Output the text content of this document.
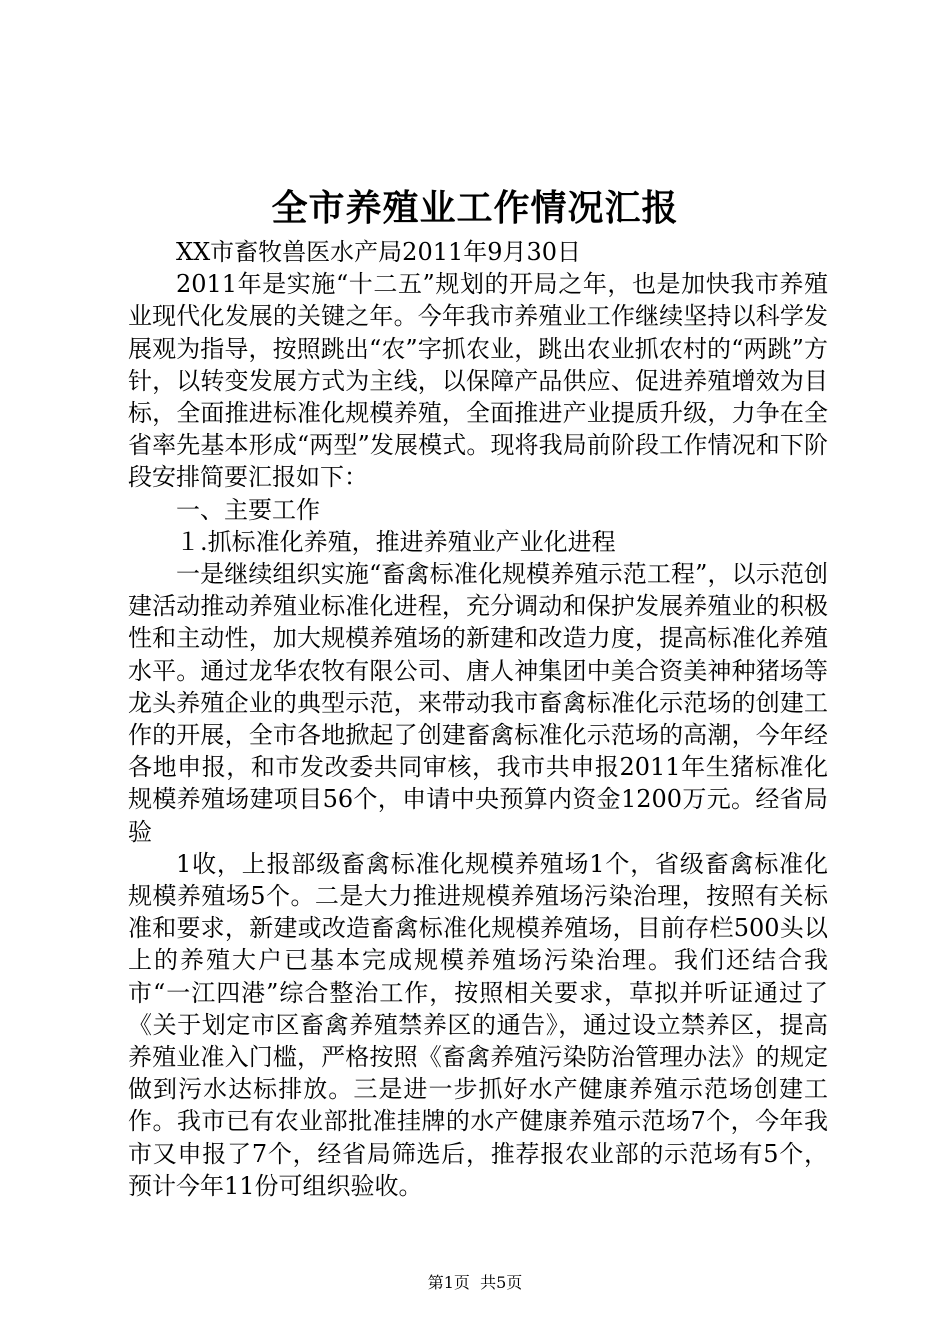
全市养殖业工作情况汇报

XX市畜牧兽医水产局2011年9月30日

2011年是实施“十二五”规划的开局之年，也是加快我市养殖业现代化发展的关键之年。今年我市养殖业工作继续坚持以科学发展观为指导，按照跳出“农”字抓农业，跳出农业抓农村的“两跳”方针，以转变发展方式为主线，以保障产品供应、促进养殖增效为目标，全面推进标准化规模养殖，全面推进产业提质升级，力争在全省率先基本形成“两型”发展模式。现将我局前阶段工作情况和下阶段安排简要汇报如下：

一、主要工作

１.抓标准化养殖，推进养殖业产业化进程

一是继续组织实施“畜禽标准化规模养殖示范工程”，以示范创建活动推动养殖业标准化进程，充分调动和保护发展养殖业的积极性和主动性，加大规模养殖场的新建和改造力度，提高标准化养殖水平。通过龙华农牧有限公司、唐人神集团中美合资美神种猪场等龙头养殖企业的典型示范，来带动我市畜禽标准化示范场的创建工作的开展，全市各地掀起了创建畜禽标准化示范场的高潮，今年经各地申报，和市发改委共同审核，我市共申报2011年生猪标准化规模养殖场建项目56个，申请中央预算内资金1200万元。经省局验

1收，上报部级畜禽标准化规模养殖场1个，省级畜禽标准化规模养殖场5个。二是大力推进规模养殖场污染治理，按照有关标准和要求，新建或改造畜禽标准化规模养殖场，目前存栏500头以上的养殖大户已基本完成规模养殖场污染治理。我们还结合我市“一江四港”综合整治工作，按照相关要求，草拟并听证通过了《关于划定市区畜禽养殖禁养区的通告》，通过设立禁养区，提高养殖业准入门槛，严格按照《畜禽养殖污染防治管理办法》的规定做到污水达标排放。三是进一步抓好水产健康养殖示范场创建工作。我市已有农业部批准挂牌的水产健康养殖示范场7个，今年我市又申报了7个，经省局筛选后，推荐报农业部的示范场有5个，预计今年11份可组织验收。

第1页 共5页
